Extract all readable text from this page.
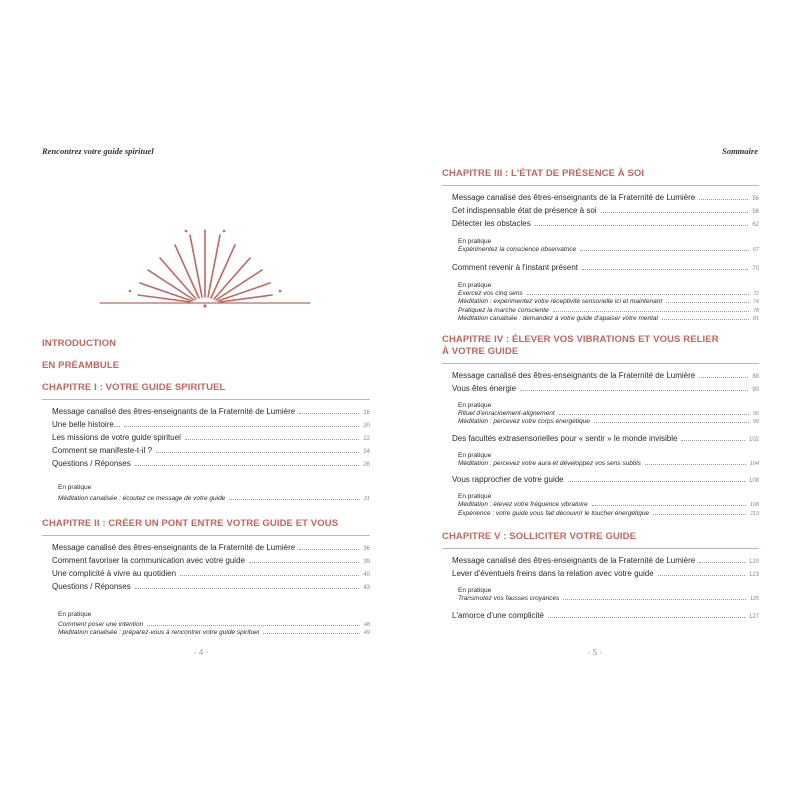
Rencontrez votre guide spirituel
INTRODUCTION
EN PRÉAMBULE
CHAPITRE I : VOTRE GUIDE SPIRITUEL
Message canalisé des êtres-enseignants de la Fraternité de Lumière	16
Une belle histoire...	20
Les missions de votre guide spirituel	22
Comment se manifeste-t-il ?	24
Questions / Réponses	26
En pratique
Méditation canalisée : écoutez ce message de votre guide	31
CHAPITRE II : CRÉER UN PONT ENTRE VOTRE GUIDE ET VOUS
Message canalisé des êtres-enseignants de la Fraternité de Lumière	36
Comment favoriser la communication avec votre guide	39
Une complicité à vivre au quotidien	40
Questions / Réponses	43
En pratique
Comment poser une intention	48
Méditation canalisée : préparez-vous à rencontrer votre guide spirituel	49
- 4 -
Sommaire
CHAPITRE III : L'ÉTAT DE PRÉSENCE À SOI
Message canalisé des êtres-enseignants de la Fraternité de Lumière	56
Cet indispensable état de présence à soi	58
Détecter les obstacles	62
En pratique
Expérimentez la conscience observatrice	67
Comment revenir à l'instant présent	70
En pratique
Exercez vos cinq sens	72
Méditation : expérimentez votre réceptivité sensorielle ici et maintenant	74
Pratiquez la marche consciente	78
Méditation canalisée : demandez à votre guide d'apaiser votre mental	81
CHAPITRE IV : ÉLEVER VOS VIBRATIONS ET VOUS RELIER
À VOTRE GUIDE
Message canalisé des êtres-enseignants de la Fraternité de Lumière	88
Vous êtes énergie	90
En pratique
Rituel d'enracinement-alignement	96
Méditation : percevez votre corps énergétique	99
Des facultés extrasensorielles pour « sentir » le monde invisible	102
En pratique
Méditation : percevez votre aura et développez vos sens subtils	104
Vous rapprocher de votre guide	108
En pratique
Méditation : élevez votre fréquence vibratoire	108
Expérience : votre guide vous fait découvrir le toucher énergétique	113
CHAPITRE V : SOLLICITER VOTRE GUIDE
Message canalisé des êtres-enseignants de la Fraternité de Lumière	120
Lever d'éventuels freins dans la relation avec votre guide	123
En pratique
Transmutez vos fausses croyances	125
L'amorce d'une complicité	127
- 5 -
